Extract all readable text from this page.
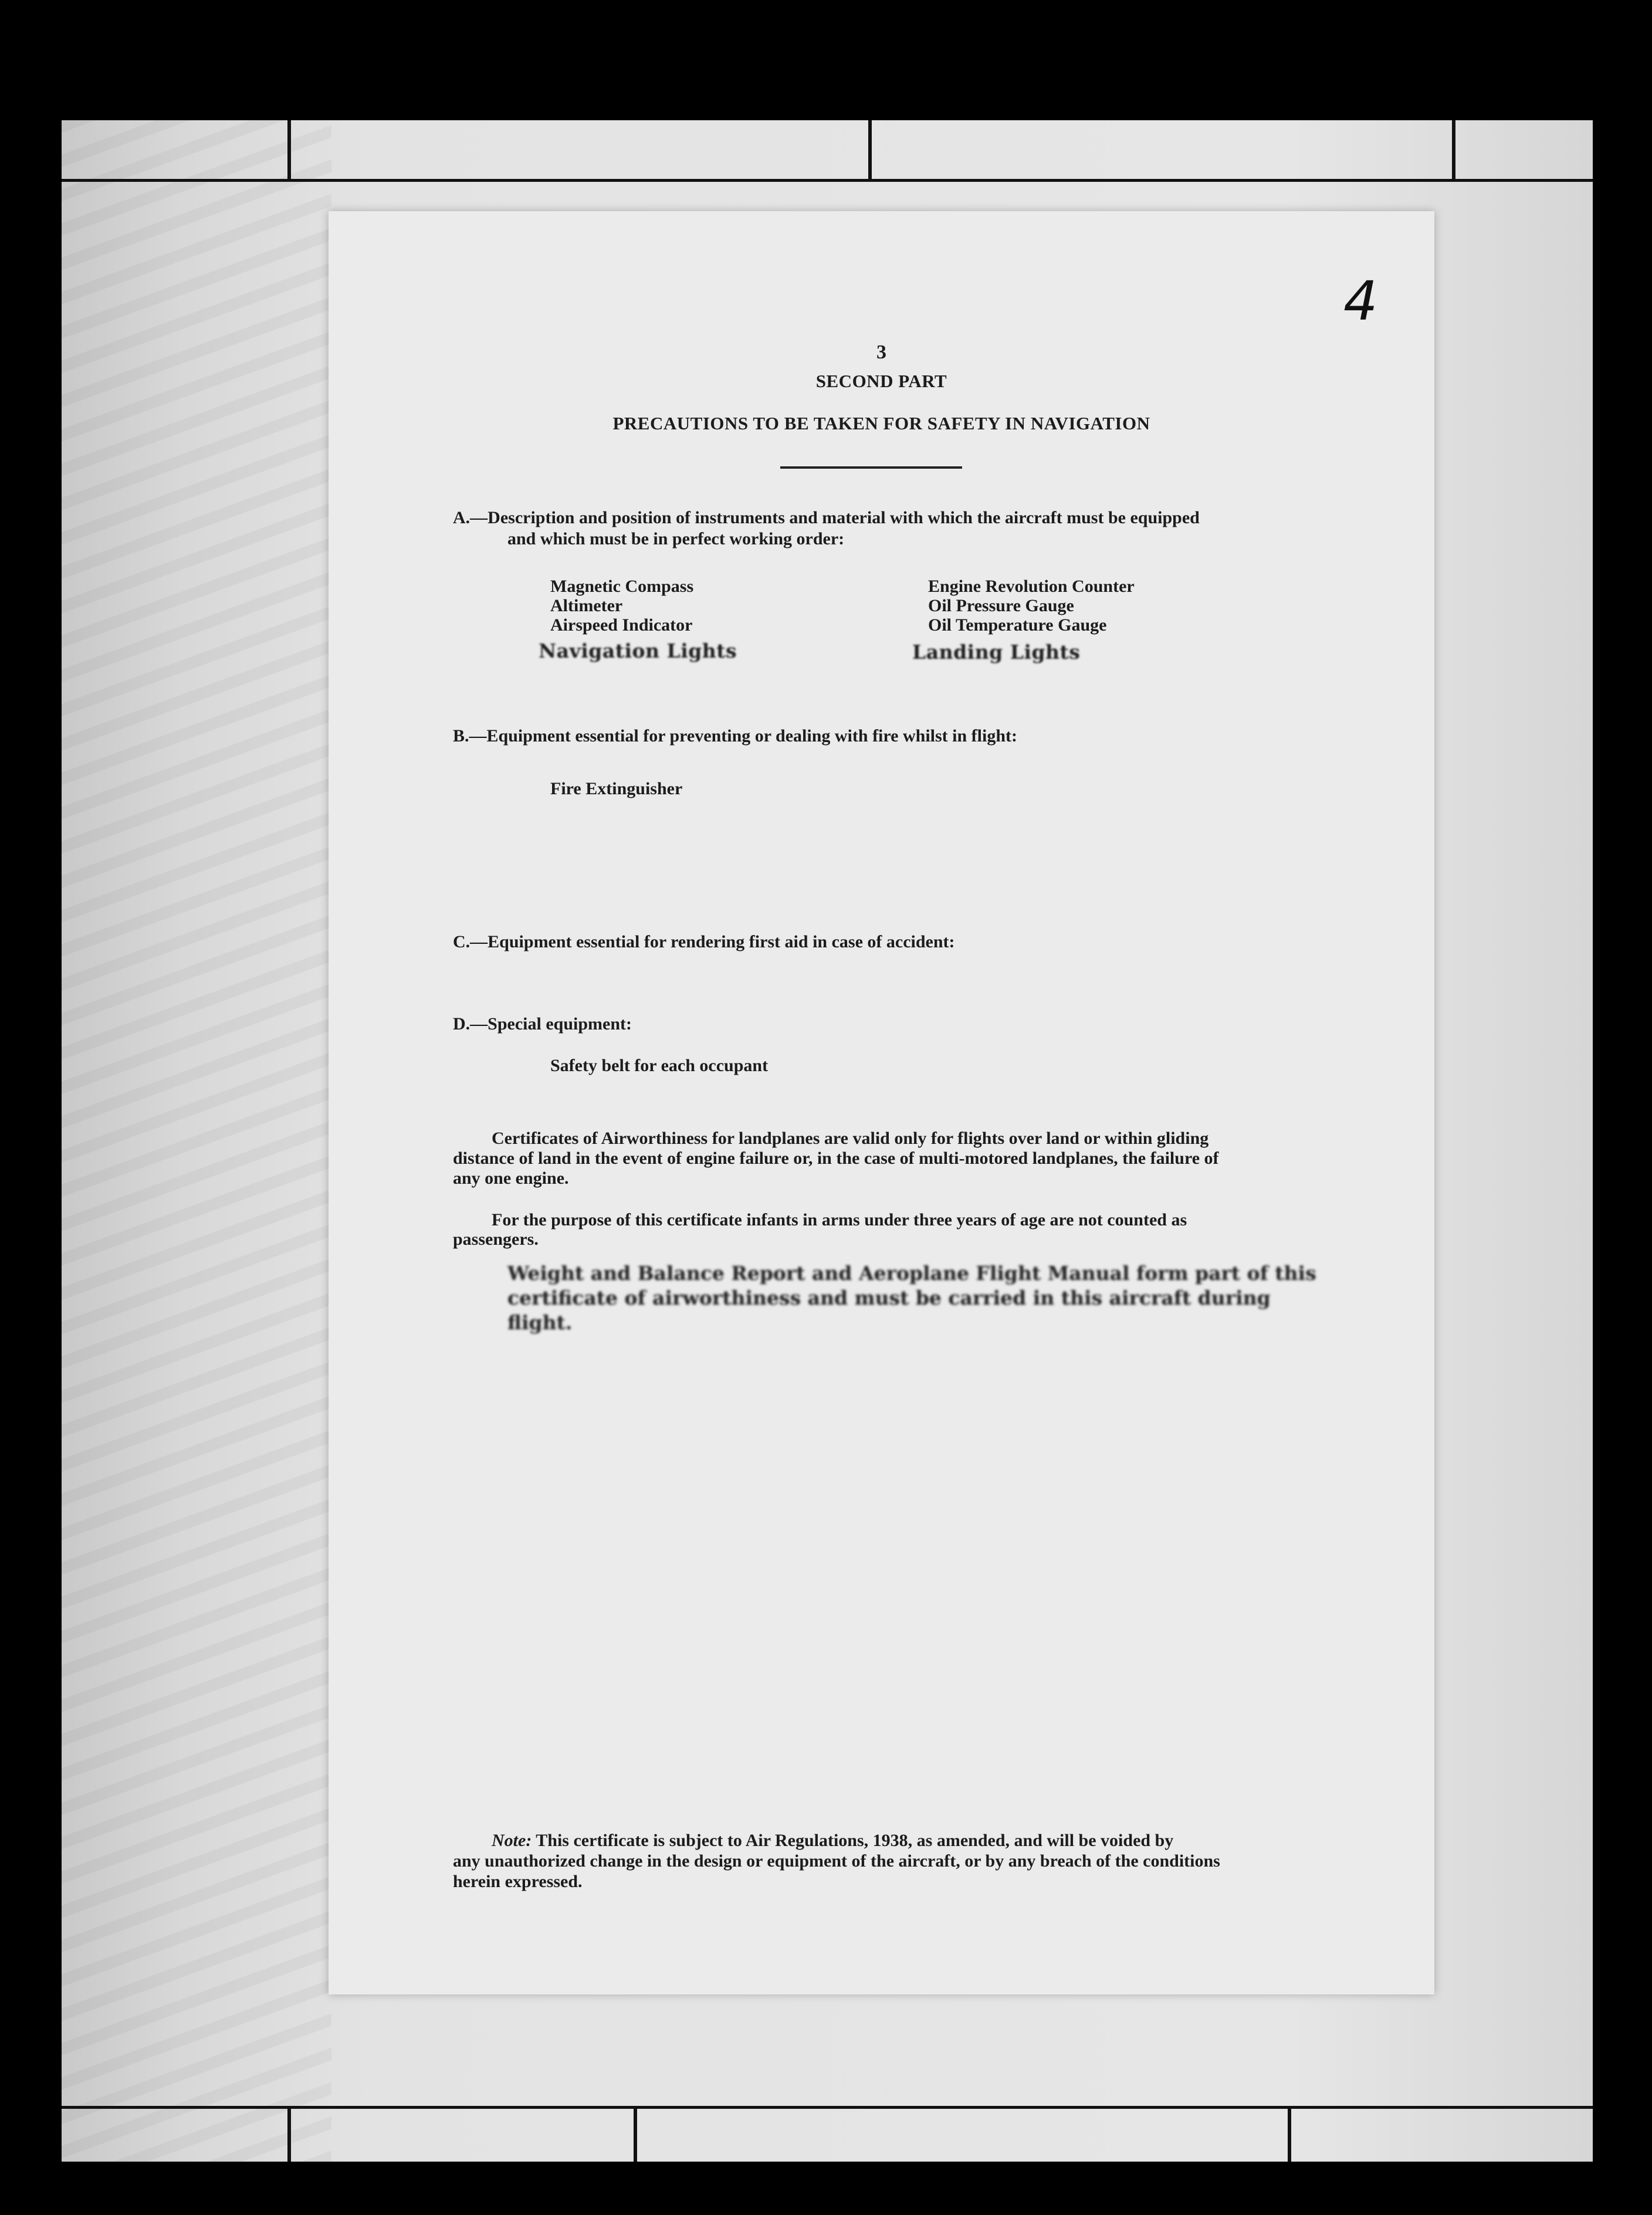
4
3
SECOND PART
PRECAUTIONS TO BE TAKEN FOR SAFETY IN NAVIGATION
A.—Description and position of instruments and material with which the aircraft must be equipped
and which must be in perfect working order:
Magnetic Compass
Altimeter
Airspeed Indicator
Navigation Lights
Engine Revolution Counter
Oil Pressure Gauge
Oil Temperature Gauge
Landing Lights
B.—Equipment essential for preventing or dealing with fire whilst in flight:
Fire Extinguisher
C.—Equipment essential for rendering first aid in case of accident:
D.—Special equipment:
Safety belt for each occupant
Certificates of Airworthiness for landplanes are valid only for flights over land or within gliding
distance of land in the event of engine failure or, in the case of multi-motored landplanes, the failure of
any one engine.
For the purpose of this certificate infants in arms under three years of age are not counted as
passengers.
Weight and Balance Report and Aeroplane Flight Manual form part of this
certificate of airworthiness and must be carried in this aircraft during
flight.
Note: This certificate is subject to Air Regulations, 1938, as amended, and will be voided by
any unauthorized change in the design or equipment of the aircraft, or by any breach of the conditions
herein expressed.
